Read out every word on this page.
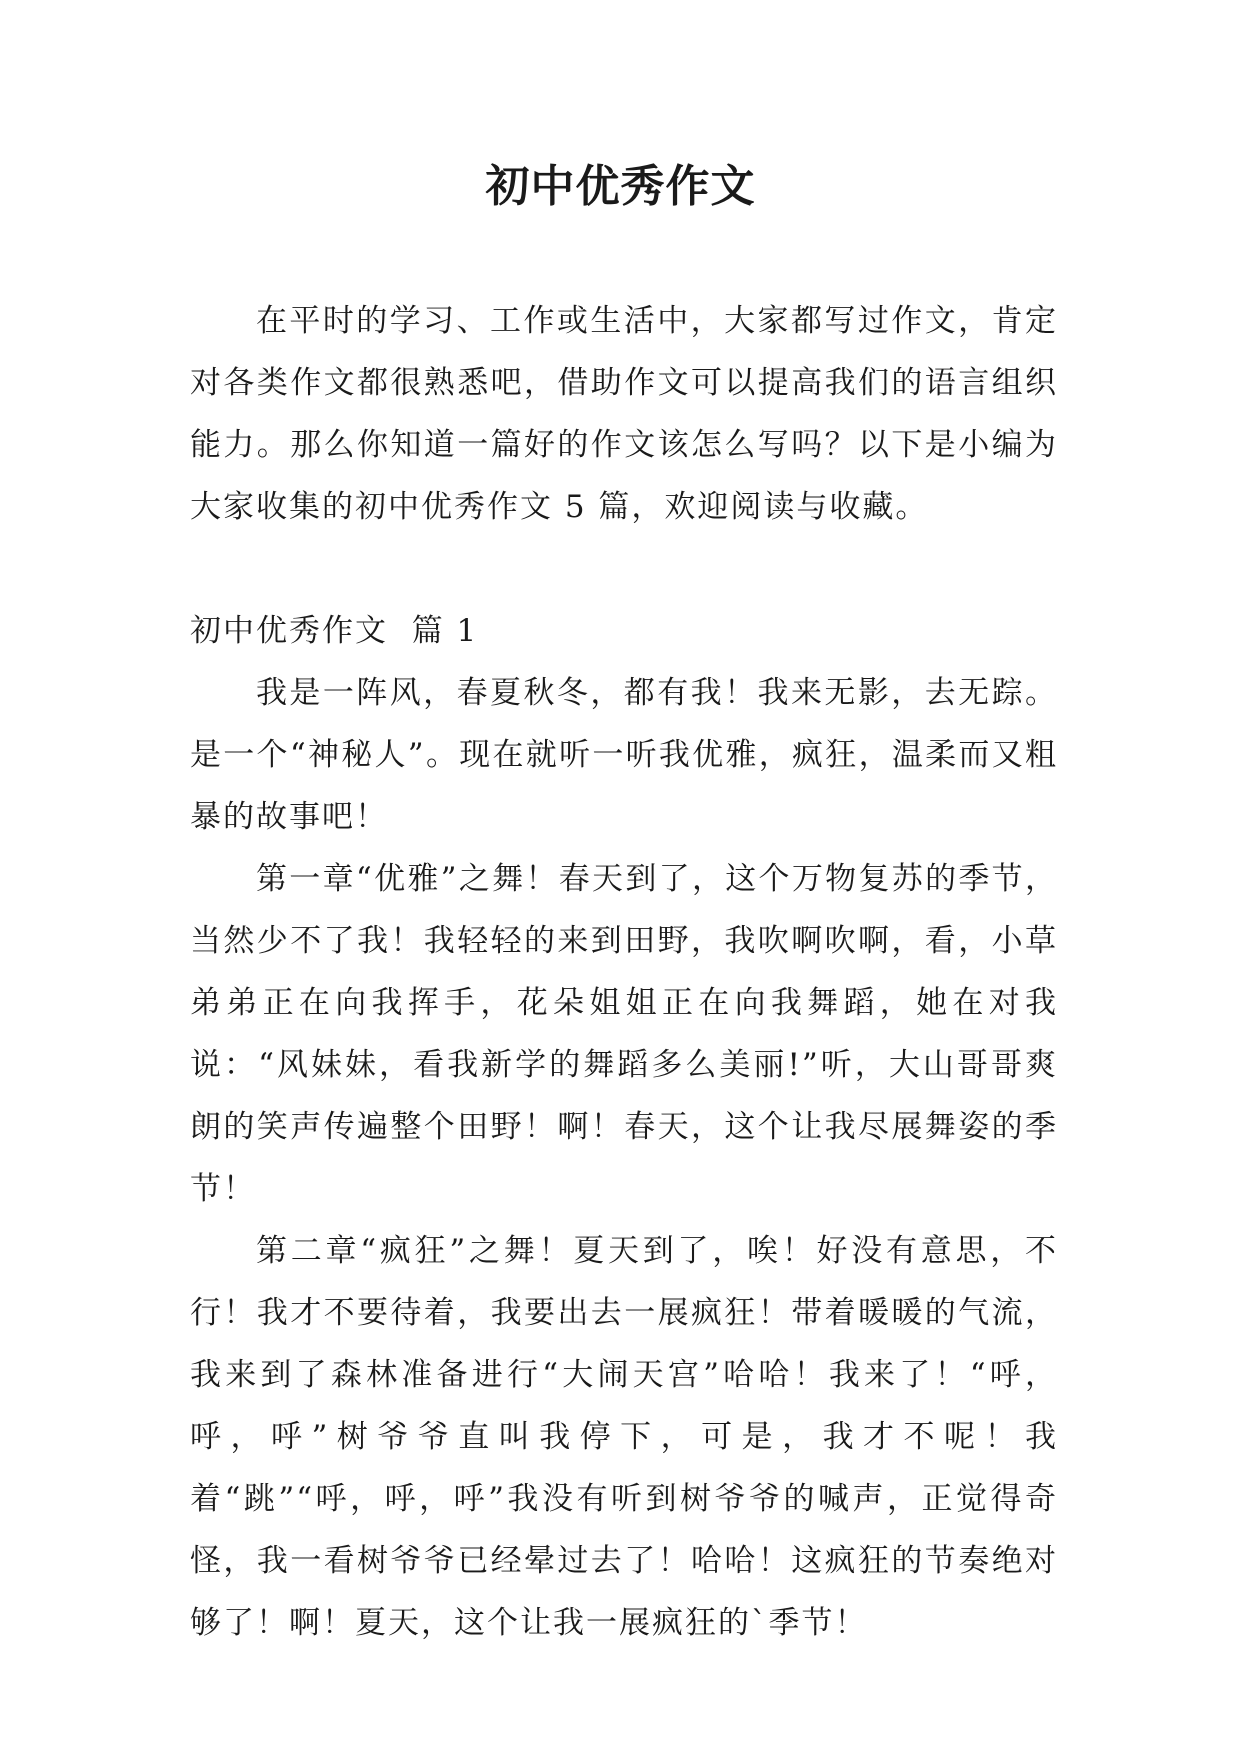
初中优秀作文

在平时的学习、工作或生活中，大家都写过作文，肯定对各类作文都很熟悉吧，借助作文可以提高我们的语言组织能力。那么你知道一篇好的作文该怎么写吗？以下是小编为大家收集的初中优秀作文 5 篇，欢迎阅读与收藏。

初中优秀作文  篇 1

我是一阵风，春夏秋冬，都有我！我来无影，去无踪。是一个“神秘人”。现在就听一听我优雅，疯狂，温柔而又粗暴的故事吧！

第一章“优雅”之舞！春天到了，这个万物复苏的季节，当然少不了我！我轻轻的来到田野，我吹啊吹啊，看，小草弟弟正在向我挥手，花朵姐姐正在向我舞蹈，她在对我说：“风妹妹，看我新学的舞蹈多么美丽!”听，大山哥哥爽朗的笑声传遍整个田野！啊！春天，这个让我尽展舞姿的季节！

第二章“疯狂”之舞！夏天到了，唉！好没有意思，不行！我才不要待着，我要出去一展疯狂！带着暖暖的气流，我来到了森林准备进行“大闹天宫”哈哈！我来了！“呼，呼，呼”树爷爷直叫我停下，可是，我才不呢！我着“跳”“呼，呼，呼”我没有听到树爷爷的喊声，正觉得奇怪，我一看树爷爷已经晕过去了！哈哈！这疯狂的节奏绝对够了！啊！夏天，这个让我一展疯狂的`季节！
